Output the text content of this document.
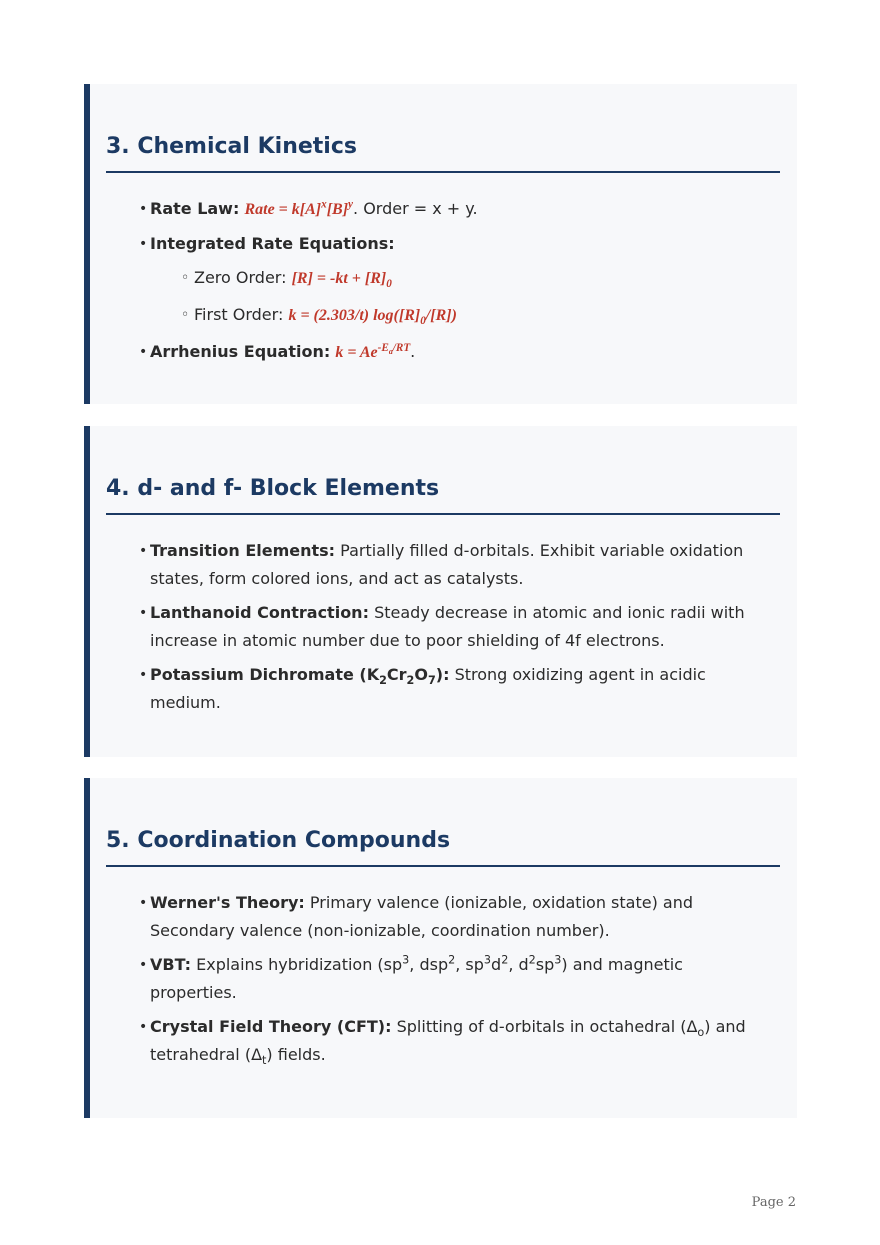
3. Chemical Kinetics
• Rate Law: Rate = $k[A]^x[B]^y$. Order = x + y.
• Integrated Rate Equations:
◦ Zero Order: $[R] = -kt + [R]_0$
◦ First Order: k = (2.303/t) $\log([R]_0/[R])$
• Arrhenius Equation: $k = Ae^{-E_a/RT}$.
4. d- and f- Block Elements
• Transition Elements: Partially filled d-orbitals. Exhibit variable oxidation states, form colored ions, and act as catalysts.
• Lanthanoid Contraction: Steady decrease in atomic and ionic radii with increase in atomic number due to poor shielding of 4f electrons.
• Potassium Dichromate $(K_2Cr_2O_7)$: Strong oxidizing agent in acidic medium.
5. Coordination Compounds
• Werner's Theory: Primary valence (ionizable, oxidation state) and Secondary valence (non-ionizable, coordination number).
• VBT: Explains hybridization ($sp^3$, dsp$^2$, $sp^3d^2$, $d^2sp^3$) and magnetic properties.
• Crystal Field Theory (CFT): Splitting of d-orbitals in octahedral $(\Delta_o)$ and tetrahedral $(\Delta_t)$ fields.
Page 2
